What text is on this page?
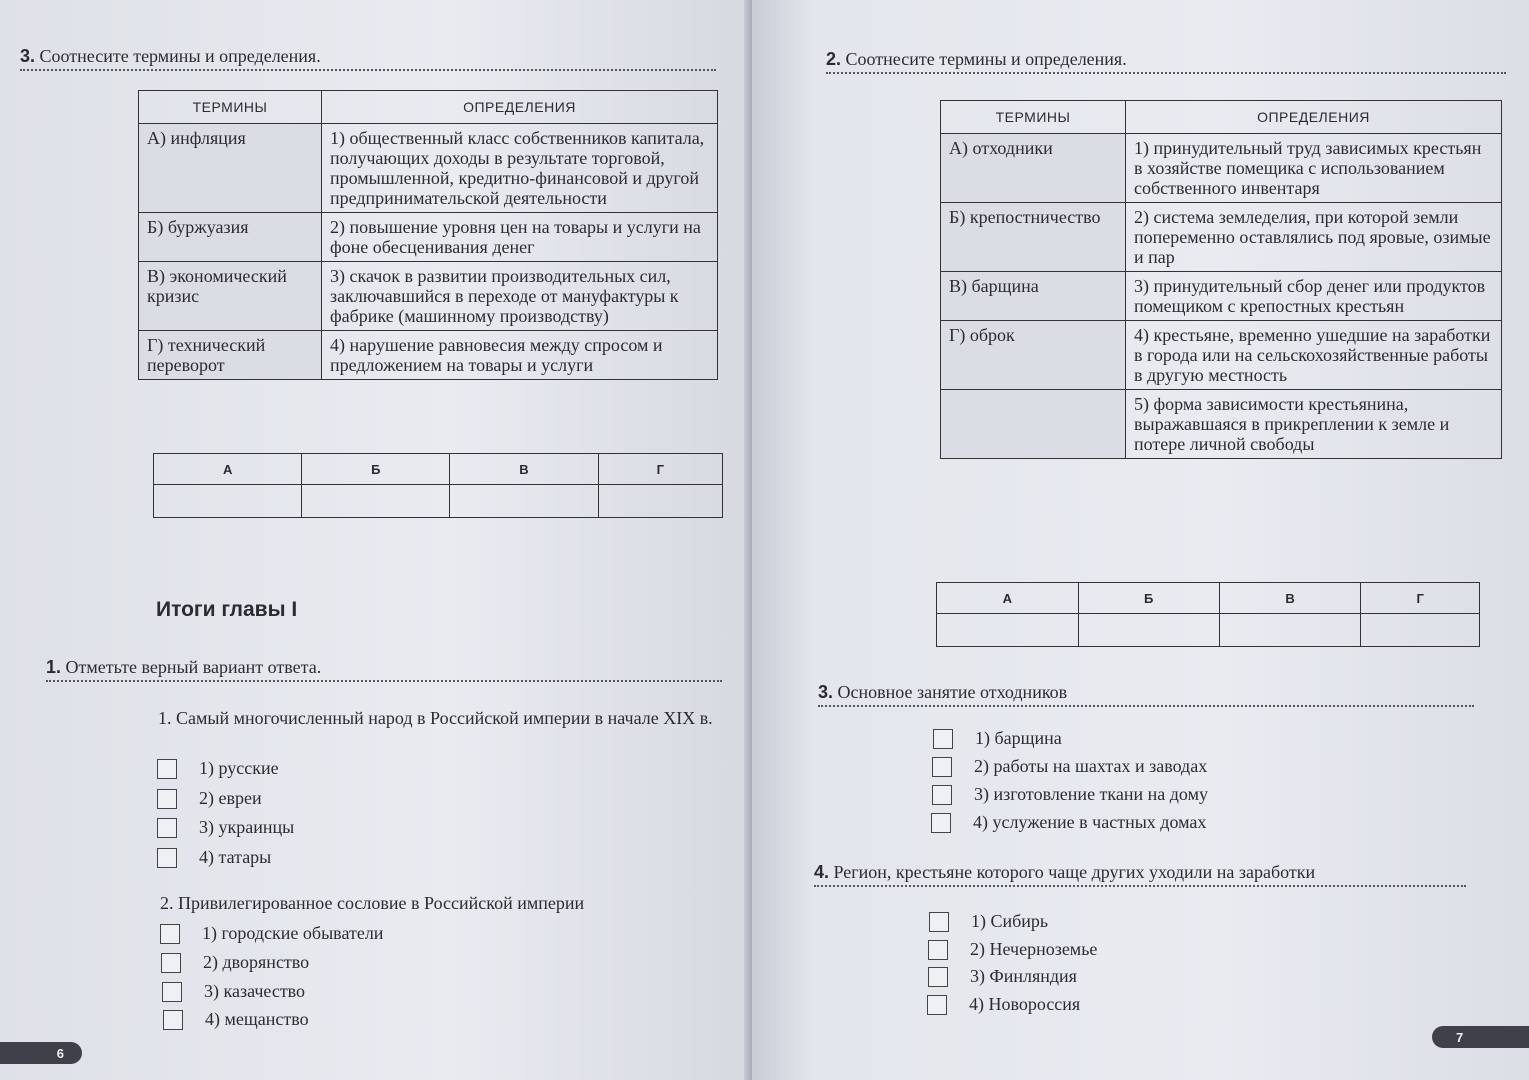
3. Соотнесите термины и определения.
ТЕРМИНЫ	ОПРЕДЕЛЕНИЯ
А) инфляция	1) общественный класс собственников капитала, получающих доходы в результате торговой, промышленной, кредитно-финансовой и другой предпринимательской деятельности
Б) буржуазия	2) повышение уровня цен на товары и услуги на фоне обесценивания денег
В) экономический кризис	3) скачок в развитии производительных сил, заключавшийся в переходе от мануфактуры к фабрике (машинному производству)
Г) технический переворот	4) нарушение равновесия между спросом и предложением на товары и услуги
А	Б	В	Г

Итоги главы I
1. Отметьте верный вариант ответа.
1. Самый многочисленный народ в Российской империи в начале XIX в.
1) русские
2) евреи
3) украинцы
4) татары
2. Привилегированное сословие в Российской империи
1) городские обыватели
2) дворянство
3) казачество
4) мещанство
6
2. Соотнесите термины и определения.
ТЕРМИНЫ	ОПРЕДЕЛЕНИЯ
А) отходники	1) принудительный труд зависимых крестьян в хозяйстве помещика с использованием собственного инвентаря
Б) крепостничество	2) система земледелия, при которой земли попеременно оставлялись под яровые, озимые и пар
В) барщина	3) принудительный сбор денег или продуктов помещиком с крепостных крестьян
Г) оброк	4) крестьяне, временно ушедшие на заработки в города или на сельскохозяйственные работы в другую местность
	5) форма зависимости крестьянина, выражавшаяся в прикреплении к земле и потере личной свободы
А	Б	В	Г

3. Основное занятие отходников
1) барщина
2) работы на шахтах и заводах
3) изготовление ткани на дому
4) услужение в частных домах
4. Регион, крестьяне которого чаще других уходили на заработки
1) Сибирь
2) Нечерноземье
3) Финляндия
4) Новороссия
7
